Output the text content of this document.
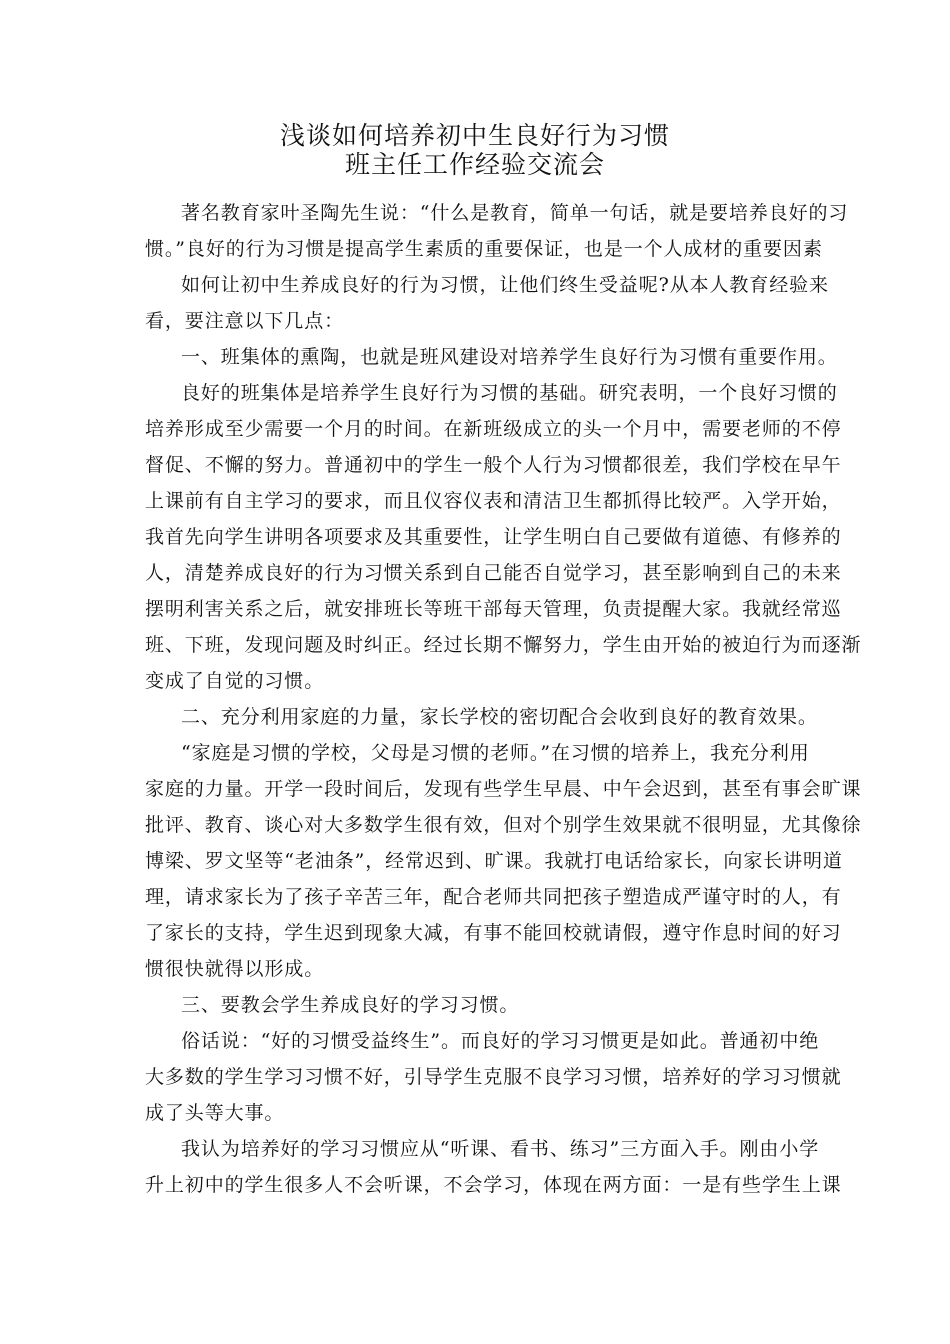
浅谈如何培养初中生良好行为习惯
班主任工作经验交流会
著名教育家叶圣陶先生说：“什么是教育，简单一句话，就是要培养良好的习
惯。”良好的行为习惯是提高学生素质的重要保证，也是一个人成材的重要因素
如何让初中生养成良好的行为习惯，让他们终生受益呢?从本人教育经验来
看，要注意以下几点：
一、班集体的熏陶，也就是班风建设对培养学生良好行为习惯有重要作用。
良好的班集体是培养学生良好行为习惯的基础。研究表明，一个良好习惯的
培养形成至少需要一个月的时间。在新班级成立的头一个月中，需要老师的不停
督促、不懈的努力。普通初中的学生一般个人行为习惯都很差，我们学校在早午
上课前有自主学习的要求，而且仪容仪表和清洁卫生都抓得比较严。入学开始，
我首先向学生讲明各项要求及其重要性，让学生明白自己要做有道德、有修养的
人，清楚养成良好的行为习惯关系到自己能否自觉学习，甚至影响到自己的未来
摆明利害关系之后，就安排班长等班干部每天管理，负责提醒大家。我就经常巡
班、下班，发现问题及时纠正。经过长期不懈努力，学生由开始的被迫行为而逐渐
变成了自觉的习惯。
二、充分利用家庭的力量，家长学校的密切配合会收到良好的教育效果。
“家庭是习惯的学校，父母是习惯的老师。”在习惯的培养上，我充分利用
家庭的力量。开学一段时间后，发现有些学生早晨、中午会迟到，甚至有事会旷课
批评、教育、谈心对大多数学生很有效，但对个别学生效果就不很明显，尤其像徐
博梁、罗文坚等“老油条”，经常迟到、旷课。我就打电话给家长，向家长讲明道
理，请求家长为了孩子辛苦三年，配合老师共同把孩子塑造成严谨守时的人，有
了家长的支持，学生迟到现象大减，有事不能回校就请假，遵守作息时间的好习
惯很快就得以形成。
三、要教会学生养成良好的学习习惯。
俗话说：“好的习惯受益终生”。而良好的学习习惯更是如此。普通初中绝
大多数的学生学习习惯不好，引导学生克服不良学习习惯，培养好的学习习惯就
成了头等大事。
我认为培养好的学习习惯应从“听课、看书、练习”三方面入手。刚由小学
升上初中的学生很多人不会听课，不会学习，体现在两方面：一是有些学生上课
